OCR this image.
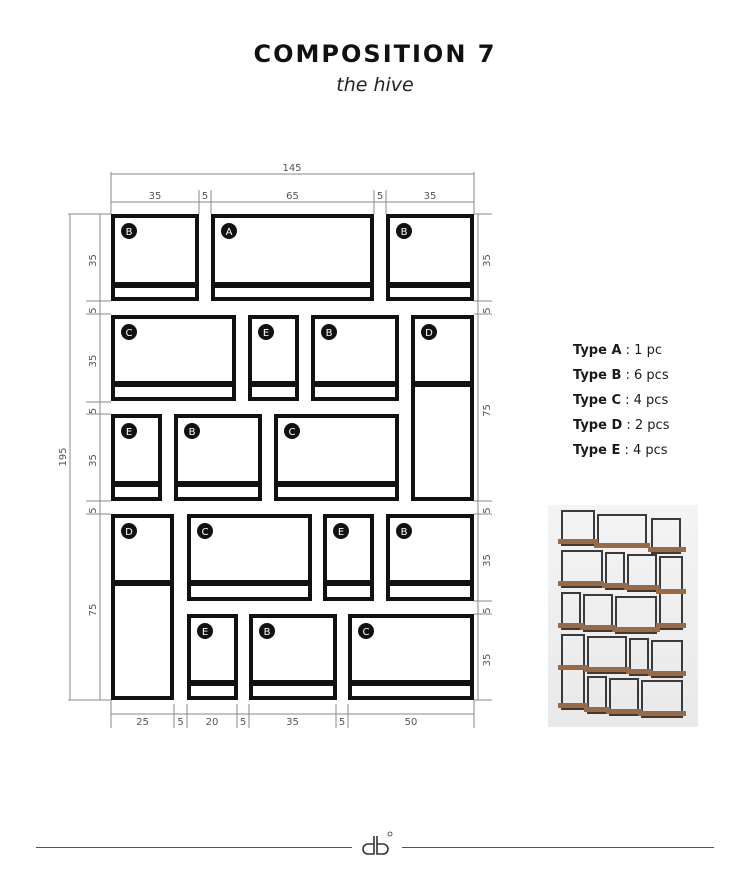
COMPOSITION 7
the hive
145
35	5	65	5	35
25	5 20 5	35	5	50
195
35
5
35
5
35
5
75
35
5
75
5
35
5
35
B	A	B
C	E	B	D
E	B	C
D	C	E	B
E	B	C
Type A : 1 pc
Type B : 6 pcs
Type C : 4 pcs
Type D : 2 pcs
Type E : 4 pcs
